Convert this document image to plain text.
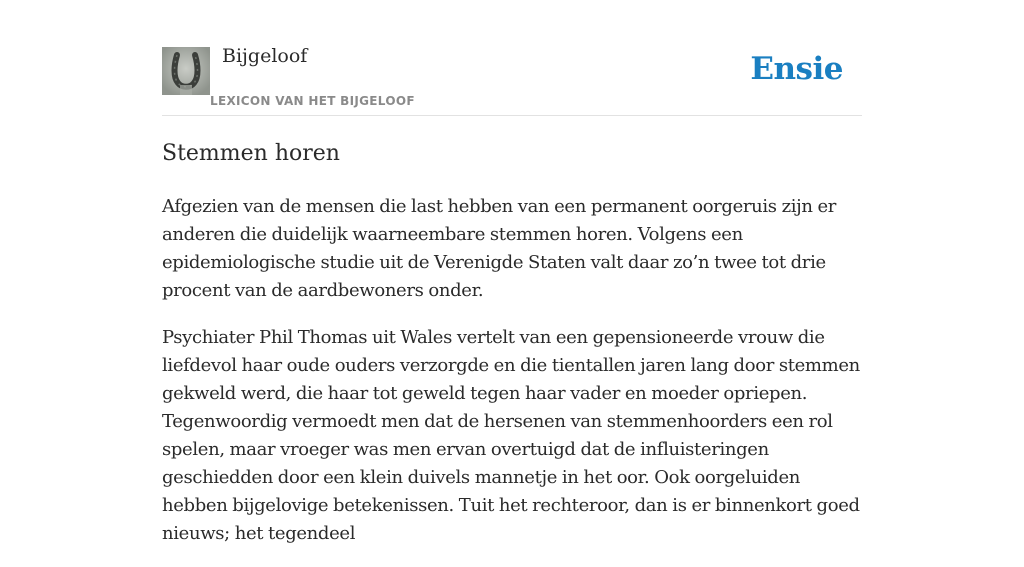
Bijgeloof
LEXICON VAN HET BIJGELOOF
Ensie
Stemmen horen

Afgezien van de mensen die last hebben van een permanent oorgeruis zijn er anderen die duidelijk waarneembare stemmen horen. Volgens een epidemiologische studie uit de Verenigde Staten valt daar zo’n twee tot drie procent van de aardbewoners onder.

Psychiater Phil Thomas uit Wales vertelt van een gepensioneerde vrouw die liefdevol haar oude ouders verzorgde en die tientallen jaren lang door stemmen gekweld werd, die haar tot geweld tegen haar vader en moeder opriepen. Tegenwoordig vermoedt men dat de hersenen van stemmenhoorders een rol spelen, maar vroeger was men ervan overtuigd dat de influisteringen geschiedden door een klein duivels mannetje in het oor. Ook oorgeluiden hebben bijgelovige betekenissen. Tuit het rechteroor, dan is er binnenkort goed nieuws; het tegendeel
